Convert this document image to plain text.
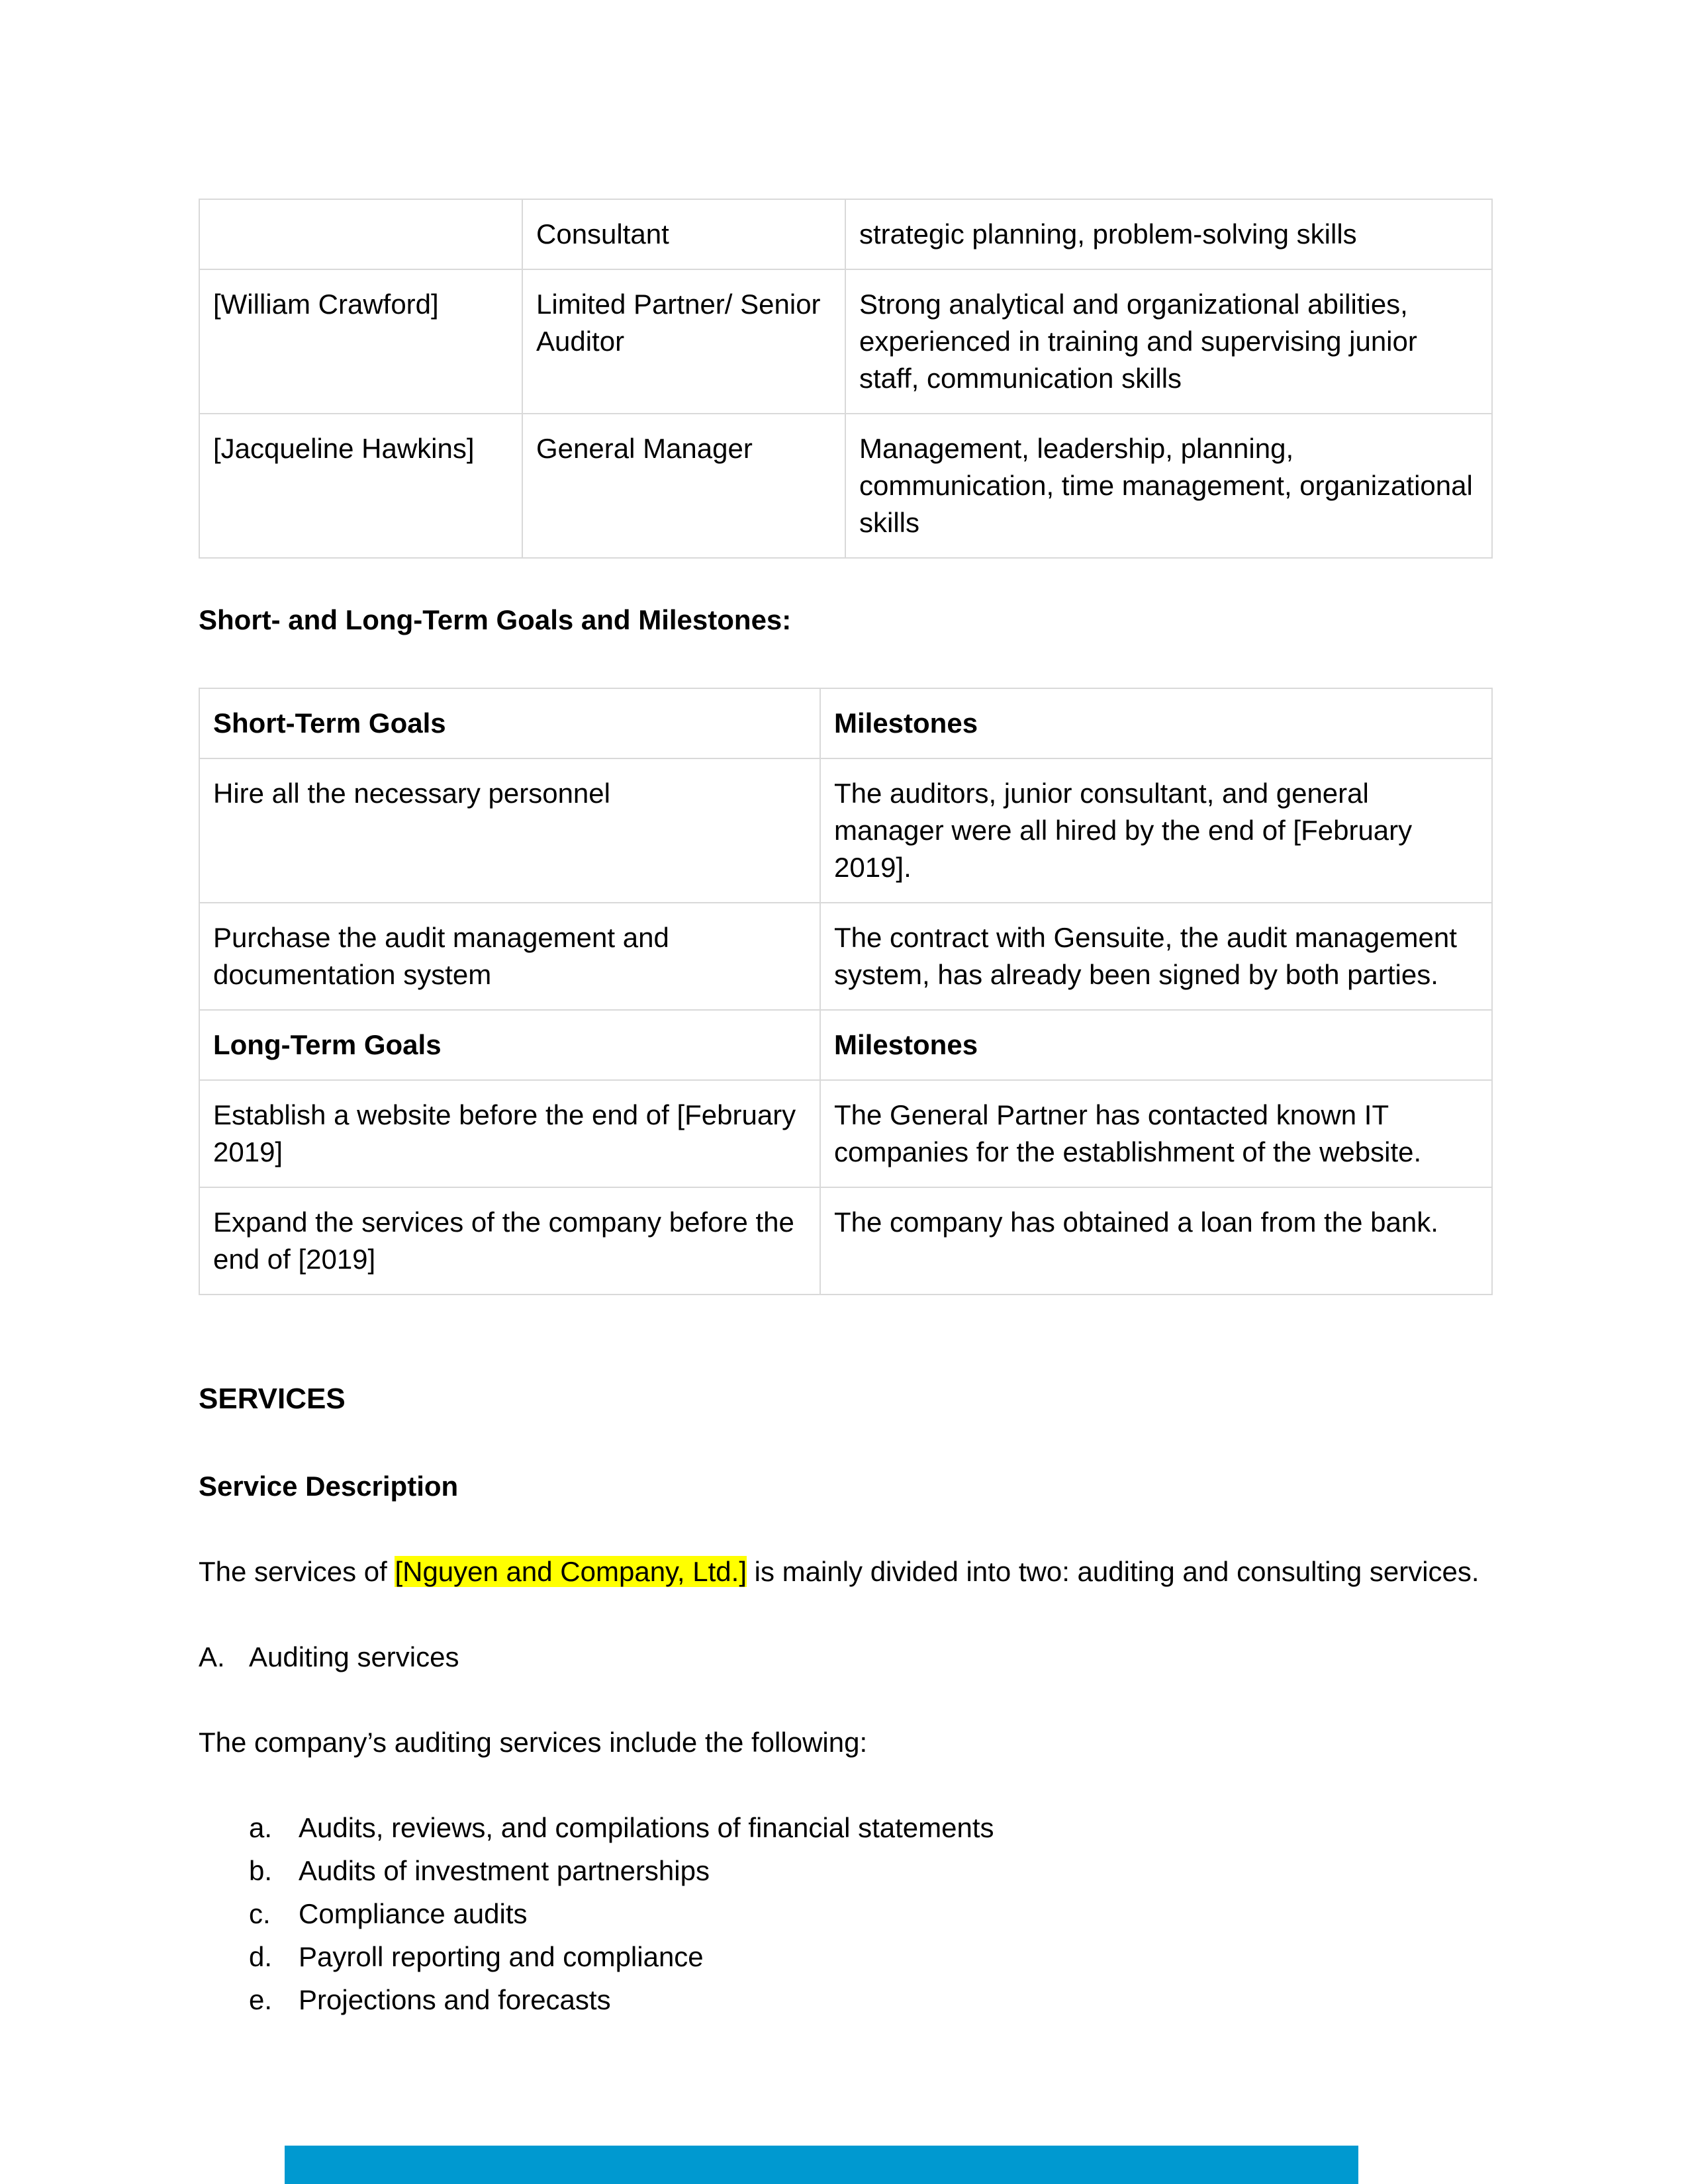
	Consultant	strategic planning, problem-solving skills
[William Crawford]	Limited Partner/ Senior Auditor	Strong analytical and organizational abilities, experienced in training and supervising junior staff, communication skills
[Jacqueline Hawkins]	General Manager	Management, leadership, planning, communication, time management, organizational skills

Short- and Long-Term Goals and Milestones:

Short-Term Goals	Milestones
Hire all the necessary personnel	The auditors, junior consultant, and general manager were all hired by the end of [February 2019].
Purchase the audit management and documentation system	The contract with Gensuite, the audit management system, has already been signed by both parties.
Long-Term Goals	Milestones
Establish a website before the end of [February 2019]	The General Partner has contacted known IT companies for the establishment of the website.
Expand the services of the company before the end of [2019]	The company has obtained a loan from the bank.

SERVICES

Service Description

The services of [Nguyen and Company, Ltd.] is mainly divided into two: auditing and consulting services.

A. Auditing services

The company’s auditing services include the following:

a. Audits, reviews, and compilations of financial statements
b. Audits of investment partnerships
c.	Compliance audits
d. Payroll reporting and compliance
e. Projections and forecasts
